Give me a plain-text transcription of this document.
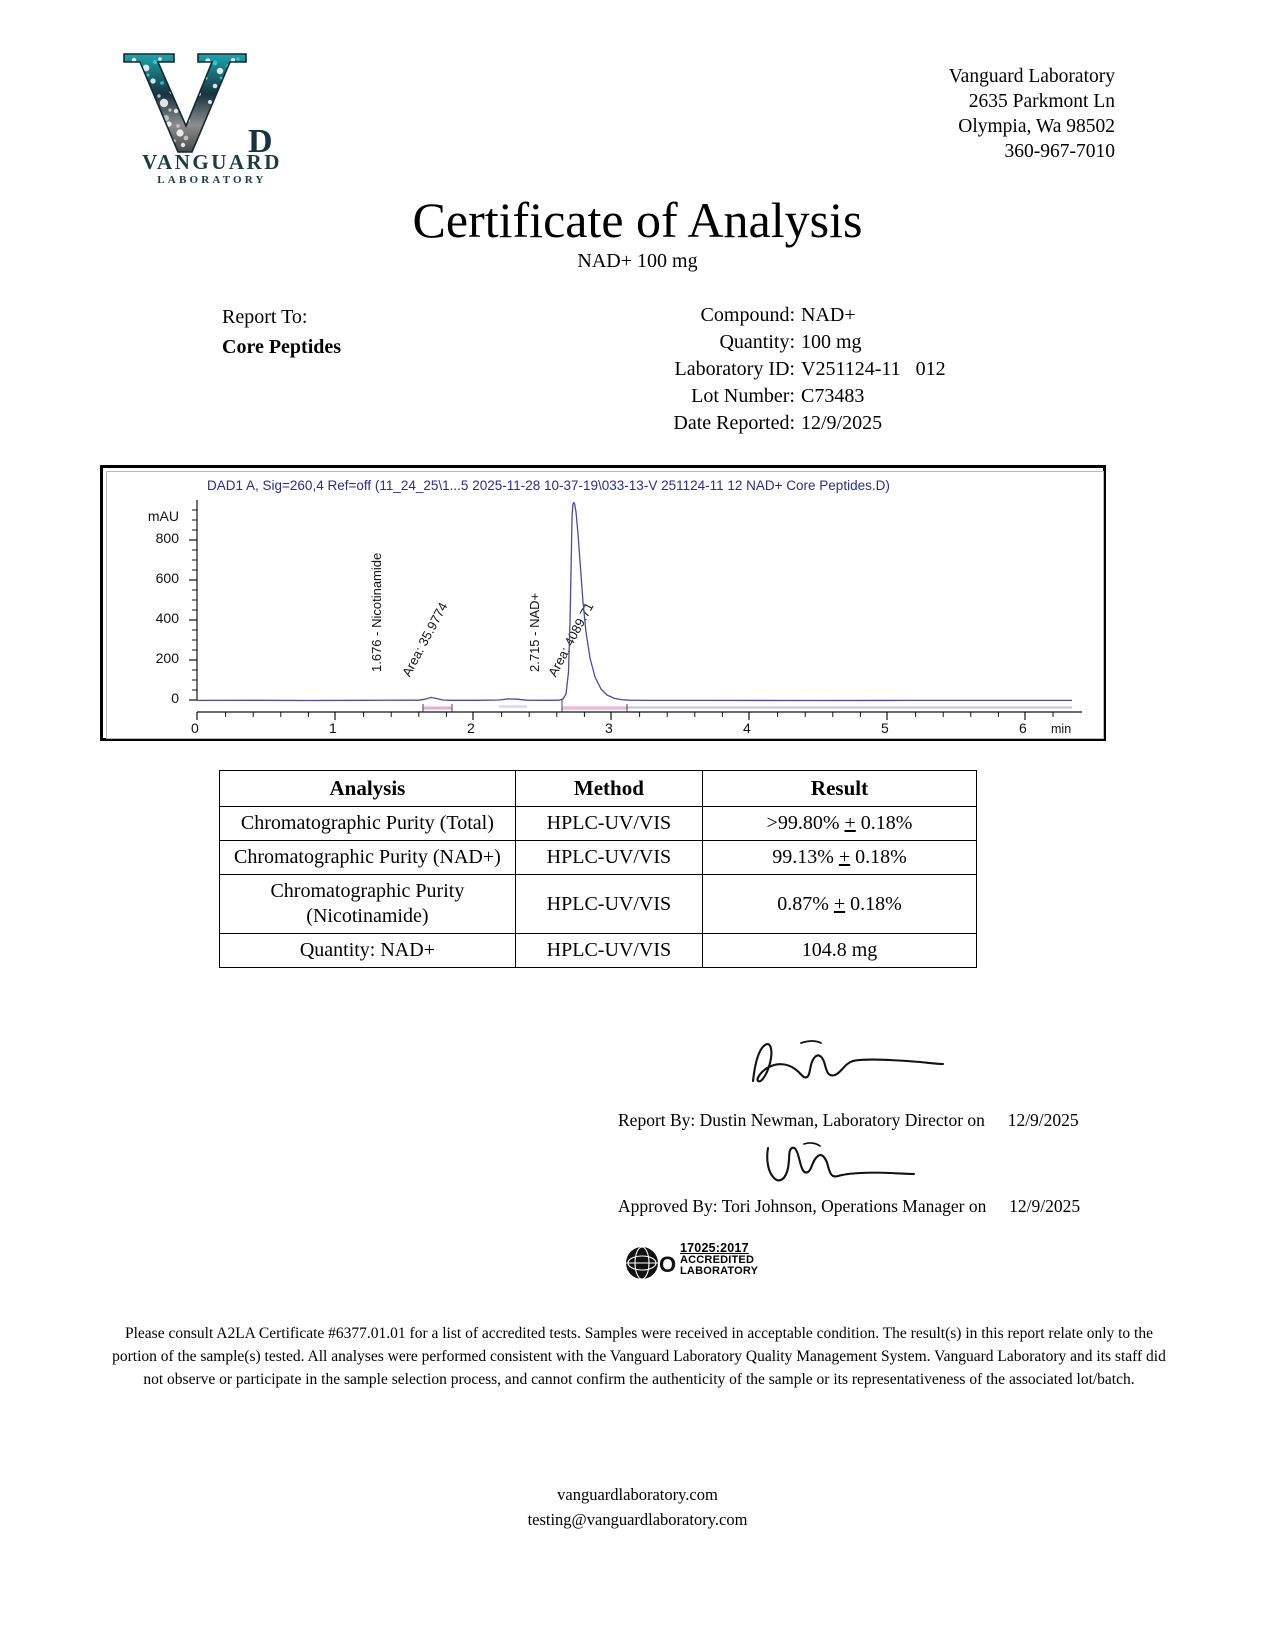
D
VANGUARD
LABORATORY
Vanguard Laboratory
2635 Parkmont Ln
Olympia, Wa 98502
360-967-7010
Certificate of Analysis
NAD+ 100 mg
Report To:
Core Peptides
Compound: NAD+
Quantity: 100 mg
Laboratory ID: V251124-11   012
Lot Number: C73483
Date Reported: 12/9/2025
DAD1 A, Sig=260,4 Ref=off (11_24_25\1...5 2025-11-28 10-37-19\033-13-V 251124-11 12 NAD+ Core Peptides.D)
mAU
800
600
400
200
0
0	1	2	3	4	5	6 min
1.676 - Nicotinamide Area: 35.9774	2.715 - NAD+ Area: 4089.71
Analysis	Method	Result
Chromatographic Purity (Total)	HPLC-UV/VIS	>99.80% + 0.18%
Chromatographic Purity (NAD+)	HPLC-UV/VIS	99.13% + 0.18%
Chromatographic Purity (Nicotinamide)	HPLC-UV/VIS	0.87% + 0.18%
Quantity: NAD+	HPLC-UV/VIS	104.8 mg
Report By: Dustin Newman, Laboratory Director on 12/9/2025
Approved By: Tori Johnson, Operations Manager on 12/9/2025
O
17025:2017
ACCREDITED
LABORATORY
Please consult A2LA Certificate #6377.01.01 for a list of accredited tests. Samples were received in acceptable condition. The result(s) in this report relate only to the portion of the sample(s) tested. All analyses were performed consistent with the Vanguard Laboratory Quality Management System. Vanguard Laboratory and its staff did not observe or participate in the sample selection process, and cannot confirm the authenticity of the sample or its representativeness of the associated lot/batch.
vanguardlaboratory.com
testing@vanguardlaboratory.com
